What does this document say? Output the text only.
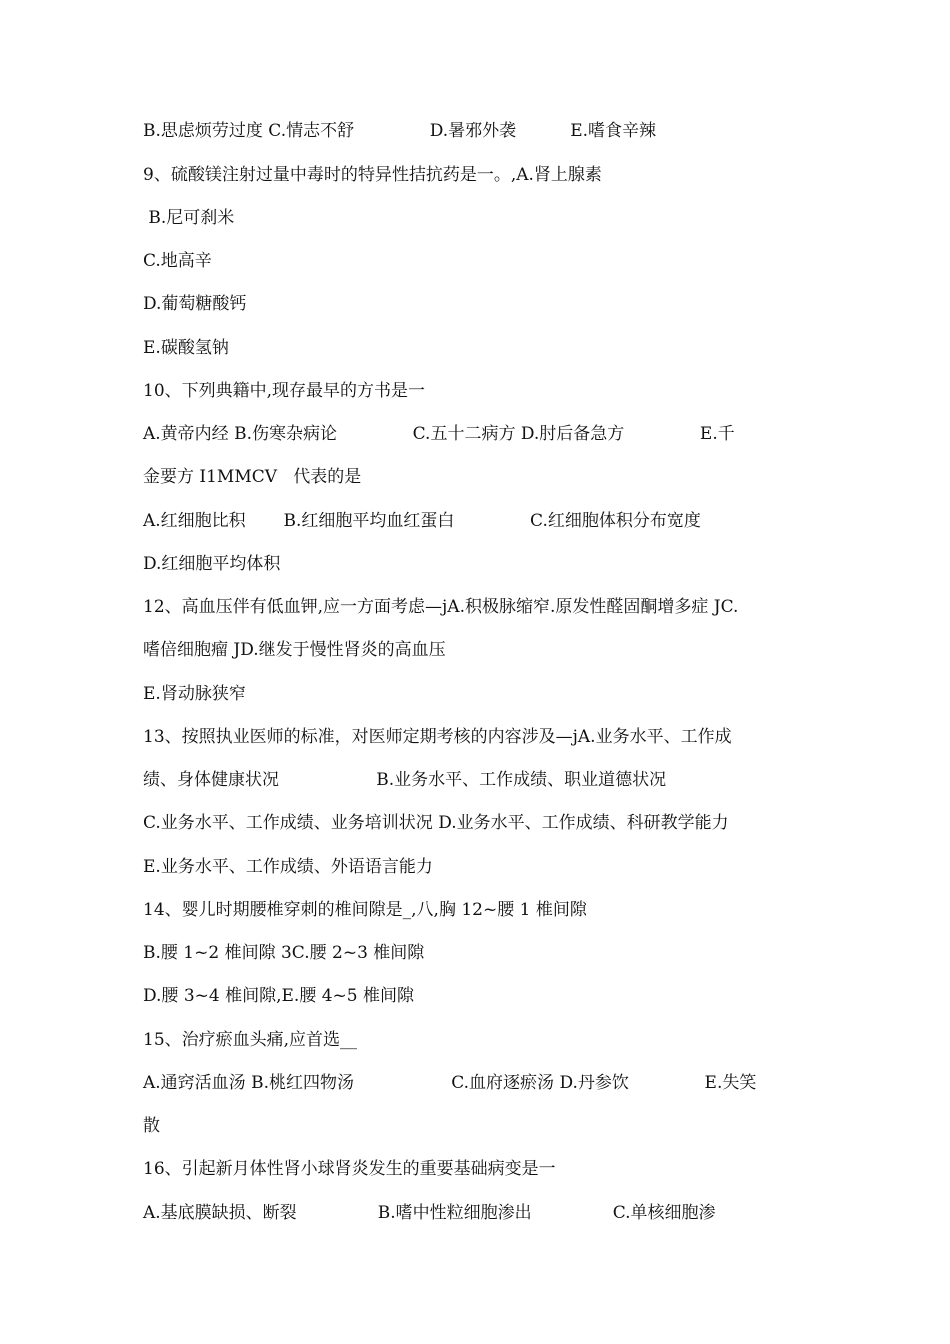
B.思虑烦劳过度 C.情志不舒              D.暑邪外袭          E.嗜食辛辣
9、硫酸镁注射过量中毒时的特异性拮抗药是一。,A.肾上腺素
B.尼可刹米
C.地高辛
D.葡萄糖酸钙
E.碳酸氢钠
10、下列典籍中,现存最早的方书是一
A.黄帝内经 B.伤寒杂病论              C.五十二病方 D.肘后备急方              E.千
金要方 I1MMCV   代表的是
A.红细胞比积       B.红细胞平均血红蛋白              C.红细胞体积分布宽度
D.红细胞平均体积
12、高血压伴有低血钾,应一方面考虑—jA.积极脉缩窄.原发性醛固酮增多症 JC.
嗜倍细胞瘤 JD.继发于慢性肾炎的高血压
E.肾动脉狭窄
13、按照执业医师的标准，对医师定期考核的内容涉及—jA.业务水平、工作成
绩、身体健康状况                  B.业务水平、工作成绩、职业道德状况
C.业务水平、工作成绩、业务培训状况 D.业务水平、工作成绩、科研教学能力
E.业务水平、工作成绩、外语语言能力
14、婴儿时期腰椎穿刺的椎间隙是_,八,胸 12~腰 1 椎间隙
B.腰 1~2 椎间隙 3C.腰 2~3 椎间隙
D.腰 3~4 椎间隙,E.腰 4~5 椎间隙
15、治疗瘀血头痛,应首选__
A.通窍活血汤 B.桃红四物汤                  C.血府逐瘀汤 D.丹参饮              E.失笑
散
16、引起新月体性肾小球肾炎发生的重要基础病变是一
A.基底膜缺损、断裂               B.嗜中性粒细胞渗出               C.单核细胞渗
